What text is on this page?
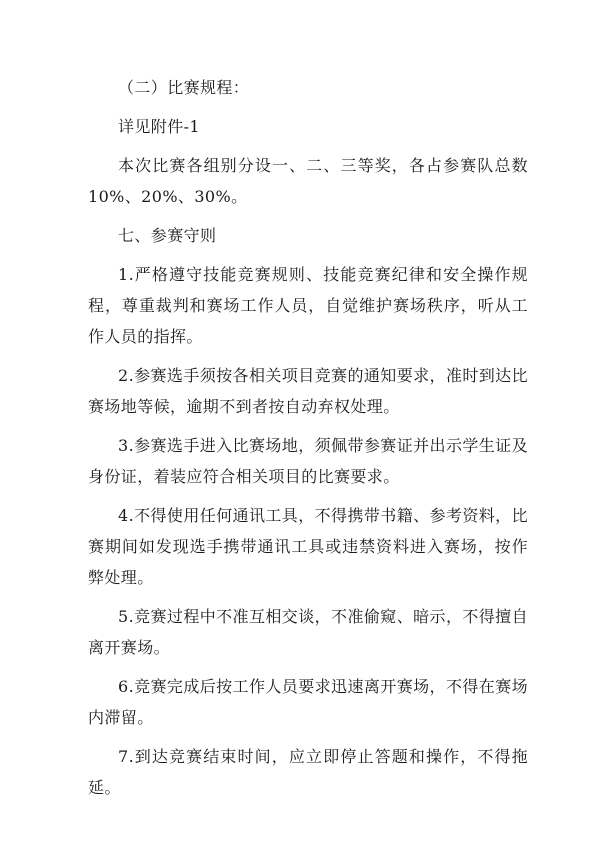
（二）比赛规程：

详见附件-1

本次比赛各组别分设一、二、三等奖，各占参赛队总数10%、20%、30%。

七、参赛守则

1.严格遵守技能竞赛规则、技能竞赛纪律和安全操作规程，尊重裁判和赛场工作人员，自觉维护赛场秩序，听从工作人员的指挥。

2.参赛选手须按各相关项目竞赛的通知要求，准时到达比赛场地等候，逾期不到者按自动弃权处理。

3.参赛选手进入比赛场地，须佩带参赛证并出示学生证及身份证，着装应符合相关项目的比赛要求。

4.不得使用任何通讯工具，不得携带书籍、参考资料，比赛期间如发现选手携带通讯工具或违禁资料进入赛场，按作弊处理。

5.竞赛过程中不准互相交谈，不准偷窥、暗示，不得擅自离开赛场。

6.竞赛完成后按工作人员要求迅速离开赛场，不得在赛场内滞留。

7.到达竞赛结束时间，应立即停止答题和操作，不得拖延。
